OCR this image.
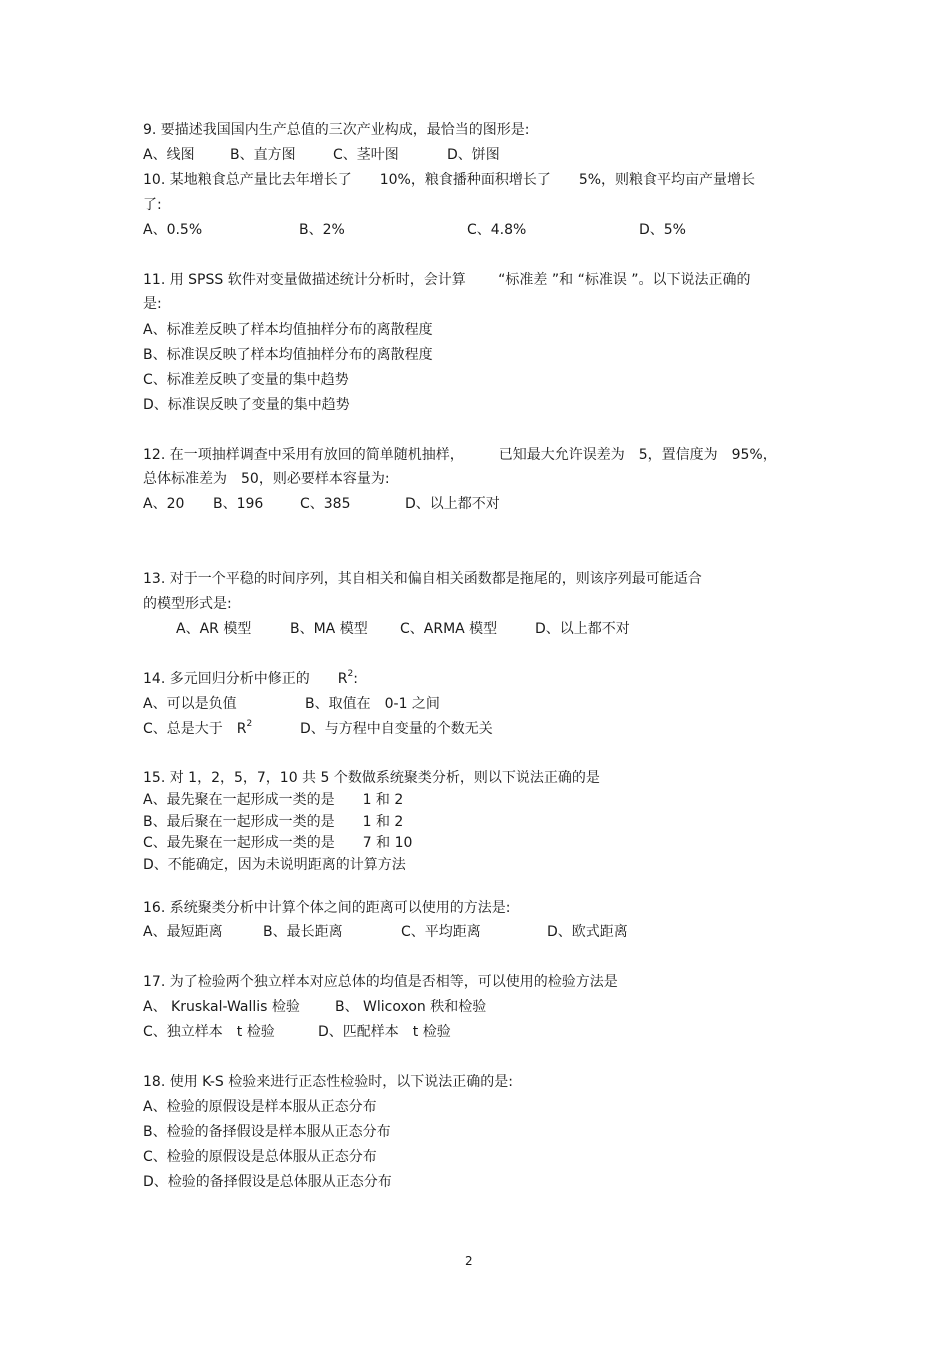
9. 要描述我国国内生产总值的三次产业构成，最恰当的图形是:
A、线图	B、直方图	C、茎叶图	D、饼图
10. 某地粮食总产量比去年增长了　　10%，粮食播种面积增长了　　5%，则粮食平均亩产量增长
了:
A、0.5%	B、2%	C、4.8%	D、5%
11. 用 SPSS 软件对变量做描述统计分析时，会计算　　 “标准差 ”和 “标准误 ”。以下说法正确的
是:
A、标准差反映了样本均值抽样分布的离散程度
B、标准误反映了样本均值抽样分布的离散程度
C、标准差反映了变量的集中趋势
D、标准误反映了变量的集中趋势
12. 在一项抽样调查中采用有放回的简单随机抽样，　　　已知最大允许误差为　5，置信度为　95%，
总体标准差为　50，则必要样本容量为:
A、20 B、196	C、385	D、以上都不对
13. 对于一个平稳的时间序列，其自相关和偏自相关函数都是拖尾的，则该序列最可能适合
的模型形式是:
A、AR 模型	B、MA 模型 C、ARMA 模型	D、以上都不对
14. 多元回归分析中修正的　　$R^2$:
A、可以是负值	B、取值在　0-1 之间
C、总是大于　$R^2$	D、与方程中自变量的个数无关
15. 对 1，2，5，7，10 共 5 个数做系统聚类分析，则以下说法正确的是
A、最先聚在一起形成一类的是　　1 和 2
B、最后聚在一起形成一类的是　　1 和 2
C、最先聚在一起形成一类的是　　7 和 10
D、不能确定，因为未说明距离的计算方法
16. 系统聚类分析中计算个体之间的距离可以使用的方法是:
A、最短距离	B、最长距离	C、平均距离	D、欧式距离
17. 为了检验两个独立样本对应总体的均值是否相等，可以使用的检验方法是
A、 Kruskal-Wallis 检验	B、 Wlicoxon 秩和检验
C、独立样本　t 检验	D、匹配样本　t 检验
18. 使用 K-S 检验来进行正态性检验时，以下说法正确的是:
A、检验的原假设是样本服从正态分布
B、检验的备择假设是样本服从正态分布
C、检验的原假设是总体服从正态分布
D、检验的备择假设是总体服从正态分布
2
